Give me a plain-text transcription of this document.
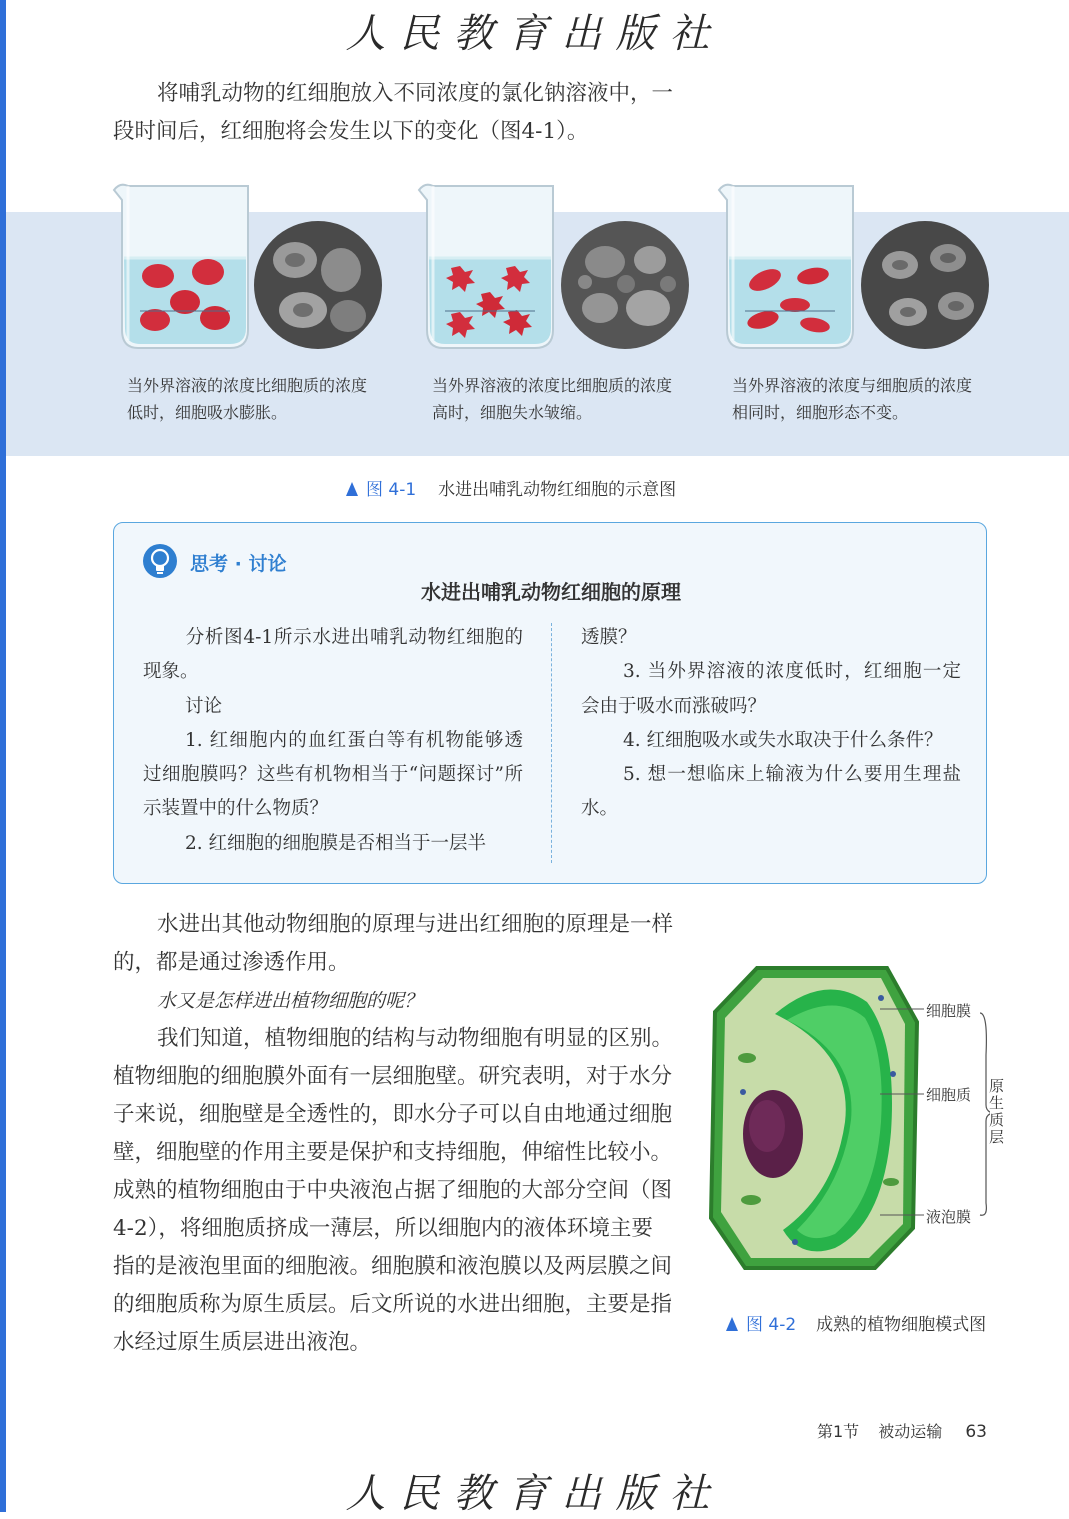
人民教育出版社

将哺乳动物的红细胞放入不同浓度的氯化钠溶液中，一段时间后，红细胞将会发生以下的变化（图4-1）。

当外界溶液的浓度比细胞质的浓度低时，细胞吸水膨胀。
当外界溶液的浓度比细胞质的浓度高时，细胞失水皱缩。
当外界溶液的浓度与细胞质的浓度相同时，细胞形态不变。
图 4-1 水进出哺乳动物红细胞的示意图
思考 · 讨论
水进出哺乳动物红细胞的原理
分析图4-1所示水进出哺乳动物红细胞的现象。
讨论
1. 红细胞内的血红蛋白等有机物能够透过细胞膜吗？这些有机物相当于“问题探讨”所示装置中的什么物质？
2. 红细胞的细胞膜是否相当于一层半
透膜？
3. 当外界溶液的浓度低时，红细胞一定会由于吸水而涨破吗？
4. 红细胞吸水或失水取决于什么条件？
5. 想一想临床上输液为什么要用生理盐水。
水进出其他动物细胞的原理与进出红细胞的原理是一样的，都是通过渗透作用。
水又是怎样进出植物细胞的呢？
我们知道，植物细胞的结构与动物细胞有明显的区别。植物细胞的细胞膜外面有一层细胞壁。研究表明，对于水分子来说，细胞壁是全透性的，即水分子可以自由地通过细胞壁，细胞壁的作用主要是保护和支持细胞，伸缩性比较小。成熟的植物细胞由于中央液泡占据了细胞的大部分空间（图4-2），将细胞质挤成一薄层，所以细胞内的液体环境主要指的是液泡里面的细胞液。细胞膜和液泡膜以及两层膜之间的细胞质称为原生质层。后文所说的水进出细胞，主要是指水经过原生质层进出液泡。
细胞膜
细胞质
液泡膜
原生质层
图 4-2 成熟的植物细胞模式图
第1节 被动运输 63
人民教育出版社
